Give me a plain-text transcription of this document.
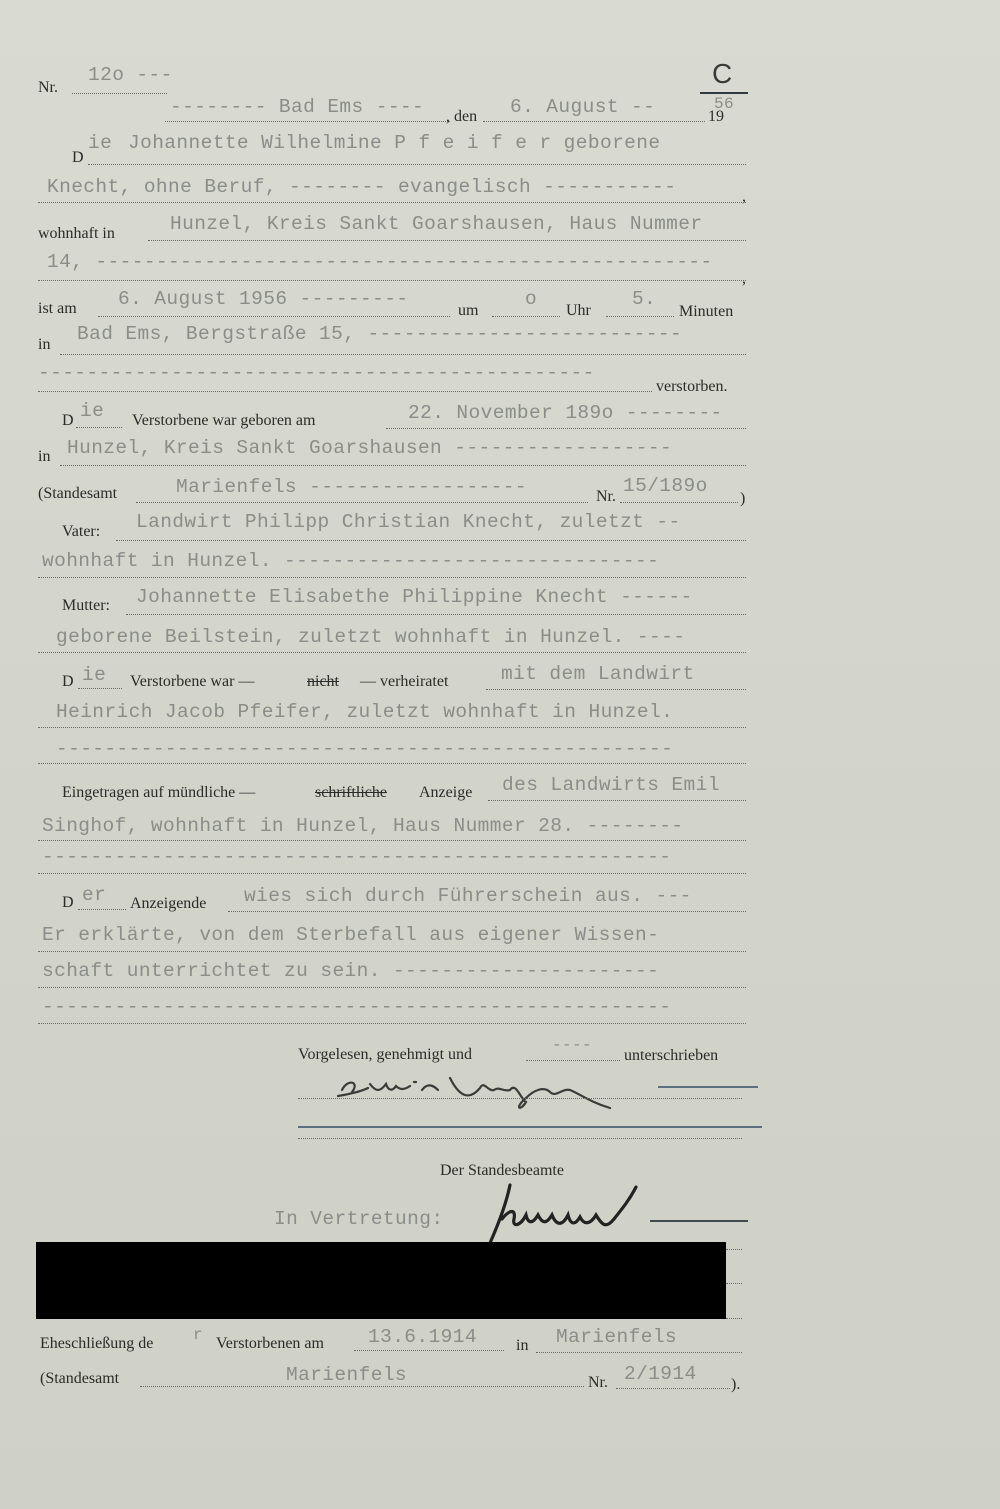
Nr.
12o ---	C
-------- Bad Ems ---- , den 6. August --	19
56
D
ie Johannette Wilhelmine P f e i f e r geborene
Knecht, ohne Beruf, -------- evangelisch -----------	,
wohnhaft in	Hunzel, Kreis Sankt Goarshausen, Haus Nummer
14, ---------------------------------------------------
,
ist am 6. August 1956 ---------
um
o
Uhr
5.
Minuten
in Bad Ems, Bergstraße 15, --------------------------
----------------------------------------------
verstorben.
D ie Verstorbene war geboren am	22. November 189o --------
in Hunzel, Kreis Sankt Goarshausen ------------------
(Standesamt	Marienfels ------------------	Nr. 15/189o
)
Vater: Landwirt Philipp Christian Knecht, zuletzt --
wohnhaft in Hunzel. -------------------------------
Mutter: Johannette Elisabethe Philippine Knecht ------
geborene Beilstein, zuletzt wohnhaft in Hunzel. ----
D ie Verstorbene war —	nicht — verheiratet	mit dem Landwirt
Heinrich Jacob Pfeifer, zuletzt wohnhaft in Hunzel.
---------------------------------------------------
Eingetragen auf mündliche —	schriftliche Anzeige des Landwirts Emil
Singhof, wohnhaft in Hunzel, Haus Nummer 28. --------
----------------------------------------------------
D er Anzeigende wies sich durch Führerschein aus. ---
Er erklärte, von dem Sterbefall aus eigener Wissen-
schaft unterrichtet zu sein. ----------------------
----------------------------------------------------
Vorgelesen, genehmigt und
----
unterschrieben
Der Standesbeamte
In Vertretung:
Eheschließung de r Verstorbenen am 13.6.1914 in Marienfels
(Standesamt	Marienfels	Nr. 2/1914 ).
